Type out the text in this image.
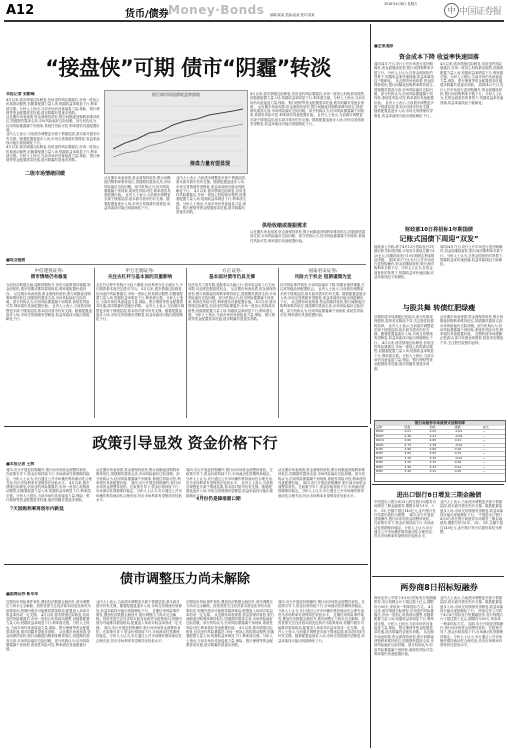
A12	货币/债券 Money·Bonds	2016年4月8日 星期五
编辑:某某 美编:某某 校对:某某	中 中国证券报
“接盘侠”可期 债市“阴霾”转淡
本报记者 张勤峰
4月以来,债市情绪边际修复,信用违约风险暴露后,市场一度担心机构被动抛售,但随着配置力量入场,短端收益率明显下行,利率债走强。分析人士指出,当前市场仍具备接盘力量,保险、银行理财等资金配置需求旺盛,债市阴霾有望逐步消散。
从近期市场表现看,资金面保持宽松,银行间隔夜回购利率维持低位,国债期货震荡走高,市场风险偏好边际回暖。部分机构认为,信用风险暴露属个别现象,系统性风险可控,利率债仍具备配置价值。
业内人士表示,当前债市调整更多源于情绪层面,基本面对债市仍有支撑。随着配置盘逐步入场,市场交易情绪有望修复,收益率曲线可能出现陡峭化下行。
4月以来,债市情绪边际修复,信用违约风险暴露后,市场一度担心机构被动抛售,但随着配置力量入场,短端收益率明显下行,利率债走强。分析人士指出,当前市场仍具备接盘力量,保险、银行理财等资金配置需求旺盛,债市阴霾有望逐步消散。
二级市场情绪回暖
银行间市场国债收益率曲线
从近期市场表现看,资金面保持宽松,银行间隔夜回购利率维持低位,国债期货震荡走高,市场风险偏好边际回暖。部分机构认为,信用风险暴露属个别现象,系统性风险可控,利率债仍具备配置价值。 业内人士表示,当前债市调整更多源于情绪层面,基本面对债市仍有支撑。随着配置盘逐步入场,市场交易情绪有望修复,收益率曲线可能出现陡峭化下行。
业内人士表示,当前债市调整更多源于情绪层面,基本面对债市仍有支撑。随着配置盘逐步入场,市场交易情绪有望修复,收益率曲线可能出现陡峭化下行。 4月以来,债市情绪边际修复,信用违约风险暴露后,市场一度担心机构被动抛售,但随着配置力量入场,短端收益率明显下行,利率债走强。分析人士指出,当前市场仍具备接盘力量,保险、银行理财等资金配置需求旺盛,债市阴霾有望逐步消散。
4月以来,债市情绪边际修复,信用违约风险暴露后,市场一度担心机构被动抛售,但随着配置力量入场,短端收益率明显下行,利率债走强。分析人士指出,当前市场仍具备接盘力量,保险、银行理财等资金配置需求旺盛,债市阴霾有望逐步消散。 从近期市场表现看,资金面保持宽松,银行间隔夜回购利率维持低位,国债期货震荡走高,市场风险偏好边际回暖。部分机构认为,信用风险暴露属个别现象,系统性风险可控,利率债仍具备配置价值。 业内人士表示,当前债市调整更多源于情绪层面,基本面对债市仍有支撑。随着配置盘逐步入场,市场交易情绪有望修复,收益率曲线可能出现陡峭化下行。
接盘力量有望显现
供给收缩或提振需求
从近期市场表现看,资金面保持宽松,银行间隔夜回购利率维持低位,国债期货震荡走高,市场风险偏好边际回暖。部分机构认为,信用风险暴露属个别现象,系统性风险可控,利率债仍具备配置价值。
■观点链接
中信建投证券:
债市情绪仍有修复
当前经济数据企稳,通胀预期抬升,但货币政策保持稳健,资金面宽松,债市短期或维持震荡格局,利率债配置价值仍存。 从近期市场表现看,资金面保持宽松,银行间隔夜回购利率维持低位,国债期货震荡走高,市场风险偏好边际回暖。部分机构认为,信用风险暴露属个别现象,系统性风险可控,利率债仍具备配置价值。 业内人士表示,当前债市调整更多源于情绪层面,基本面对债市仍有支撑。随着配置盘逐步入场,市场交易情绪有望修复,收益率曲线可能出现陡峭化下行。
申万宏源证券:
关注去杠杆与基本面的双重影响
去杠杆过程中机构行为趋于谨慎,信用利差存在走阔压力,中长期看基本面决定债市方向。 4月以来,债市情绪边际修复,信用违约风险暴露后,市场一度担心机构被动抛售,但随着配置力量入场,短端收益率明显下行,利率债走强。分析人士指出,当前市场仍具备接盘力量,保险、银行理财等资金配置需求旺盛,债市阴霾有望逐步消散。 业内人士表示,当前债市调整更多源于情绪层面,基本面对债市仍有支撑。随着配置盘逐步入场,市场交易情绪有望修复,收益率曲线可能出现陡峭化下行。
方正证券:
基本面对债市仍具支撑
经济复苏力度有限,通胀难以大幅上行,债市收益率上行空间有限,可适度把握波段机会。 从近期市场表现看,资金面保持宽松,银行间隔夜回购利率维持低位,国债期货震荡走高,市场风险偏好边际回暖。部分机构认为,信用风险暴露属个别现象,系统性风险可控,利率债仍具备配置价值。 4月以来,债市情绪边际修复,信用违约风险暴露后,市场一度担心机构被动抛售,但随着配置力量入场,短端收益率明显下行,利率债走强。分析人士指出,当前市场仍具备接盘力量,保险、银行理财等资金配置需求旺盛,债市阴霾有望逐步消散。
国泰君安证券:
风险大于机会 短期谨慎为宜
信用风险事件频发,市场风险偏好下降,短期宜保持谨慎,关注高等级品种配置机会。 业内人士表示,当前债市调整更多源于情绪层面,基本面对债市仍有支撑。随着配置盘逐步入场,市场交易情绪有望修复,收益率曲线可能出现陡峭化下行。 从近期市场表现看,资金面保持宽松,银行间隔夜回购利率维持低位,国债期货震荡走高,市场风险偏好边际回暖。部分机构认为,信用风险暴露属个别现象,系统性风险可控,利率债仍具备配置价值。
■全景追踪
资金成本下降 收益率快速回落
周四(4月7日),央行公开市场进行逆回购操作,资金面继续宽松,银行间回购利率多数下行。分析人士认为,在资金面宽松的背景下,短端收益率快速回落,收益率曲线趋于陡峭化。 从近期市场表现看,资金面保持宽松,银行间隔夜回购利率维持低位,国债期货震荡走高,市场风险偏好边际回暖。部分机构认为,信用风险暴露属个别现象,系统性风险可控,利率债仍具备配置价值。 业内人士表示,当前债市调整更多源于情绪层面,基本面对债市仍有支撑。随着配置盘逐步入场,市场交易情绪有望修复,收益率曲线可能出现陡峭化下行。
4月以来,债市情绪边际修复,信用违约风险暴露后,市场一度担心机构被动抛售,但随着配置力量入场,短端收益率明显下行,利率债走强。分析人士指出,当前市场仍具备接盘力量,保险、银行理财等资金配置需求旺盛,债市阴霾有望逐步消散。 周四(4月7日),央行公开市场进行逆回购操作,资金面继续宽松,银行间回购利率多数下行。分析人士认为,在资金面宽松的背景下,短端收益率快速回落,收益率曲线趋于陡峭化。
财政部10日将招标1年期国债
记账式国债下周迎“双发”
财政部公告称,将于4月13日招标发行1年期记账式贴现国债,计划发行面值总额为120亿元,同期将续发行10年期固定利率附息国债。 周四(4月7日),央行公开市场进行逆回购操作,资金面继续宽松,银行间回购利率多数下行。分析人士认为,在资金面宽松的背景下,短端收益率快速回落,收益率曲线趋于陡峭化。
周四(4月7日),央行公开市场进行逆回购操作,资金面继续宽松,银行间回购利率多数下行。分析人士认为,在资金面宽松的背景下,短端收益率快速回落,收益率曲线趋于陡峭化。
与股共舞 转债红肥绿瘦
近期转债市场跟随正股波动,部分转债表现强势,投资者宜精选个券,关注股性较强的品种。 业内人士表示,当前债市调整更多源于情绪层面,基本面对债市仍有支撑。随着配置盘逐步入场,市场交易情绪有望修复,收益率曲线可能出现陡峭化下行。 4月以来,债市情绪边际修复,信用违约风险暴露后,市场一度担心机构被动抛售,但随着配置力量入场,短端收益率明显下行,利率债走强。分析人士指出,当前市场仍具备接盘力量,保险、银行理财等资金配置需求旺盛,债市阴霾有望逐步消散。
从近期市场表现看,资金面保持宽松,银行间隔夜回购利率维持低位,国债期货震荡走高,市场风险偏好边际回暖。部分机构认为,信用风险暴露属个别现象,系统性风险可控,利率债仍具备配置价值。 近期转债市场跟随正股波动,部分转债表现强势,投资者宜精选个券,关注股性较强的品种。
银行间债券市场质押式回购利率
品种	收盘	加权	涨跌	成交
R001	2.01	2.02	-0.01	—
R007	2.36	2.41	-0.04	—
R014	2.60	2.65	0.01	—
R021	2.73	2.78	-0.02	—
R1M	2.90	2.95	0.00	—
R2M	3.00	3.05	0.02	—
R3M	3.10	3.15	-0.01	—
R4M	3.20	3.22	0.00	—
R6M	3.30	3.32	0.01	—
R9M	3.40	3.41	0.00	—
政策引导显效 资金价格下行
■本报记者 王辉
周四,央行开展逆回购操作,银行间市场资金面整体宽松。在政策引导下,资金价格持续下行,市场流动性预期保持稳定。分析人士认为,央行通过公开市场操作维持流动性合理充裕,货币市场利率有望保持在较低水平。 4月以来,债市情绪边际修复,信用违约风险暴露后,市场一度担心机构被动抛售,但随着配置力量入场,短端收益率明显下行,利率债走强。分析人士指出,当前市场仍具备接盘力量,保险、银行理财等资金配置需求旺盛,债市阴霾有望逐步消散。
7天回购利率再创年内新低
从近期市场表现看,资金面保持宽松,银行间隔夜回购利率维持低位,国债期货震荡走高,市场风险偏好边际回暖。部分机构认为,信用风险暴露属个别现象,系统性风险可控,利率债仍具备配置价值。 周四,央行开展逆回购操作,银行间市场资金面整体宽松。在政策引导下,资金价格持续下行,市场流动性预期保持稳定。分析人士认为,央行通过公开市场操作维持流动性合理充裕,货币市场利率有望保持在较低水平。
周四,央行开展逆回购操作,银行间市场资金面整体宽松。在政策引导下,资金价格持续下行,市场流动性预期保持稳定。分析人士认为,央行通过公开市场操作维持流动性合理充裕,货币市场利率有望保持在较低水平。 业内人士表示,当前债市调整更多源于情绪层面,基本面对债市仍有支撑。随着配置盘逐步入场,市场交易情绪有望修复,收益率曲线可能出现陡峭化下行。
4月份仍是降准窗口期
从近期市场表现看,资金面保持宽松,银行间隔夜回购利率维持低位,国债期货震荡走高,市场风险偏好边际回暖。部分机构认为,信用风险暴露属个别现象,系统性风险可控,利率债仍具备配置价值。 周四,央行开展逆回购操作,银行间市场资金面整体宽松。在政策引导下,资金价格持续下行,市场流动性预期保持稳定。分析人士认为,央行通过公开市场操作维持流动性合理充裕,货币市场利率有望保持在较低水平。	进出口银行8日增发三期金融债
中国进出口银行4月8日将在银行间债券市场增发三期金融债券,期限分别为1年、3年、5年,总额不超过140亿元,业内预计发行结果仍将较为理想。 周四,央行开展逆回购操作,银行间市场资金面整体宽松。在政策引导下,资金价格持续下行,市场流动性预期保持稳定。分析人士认为,央行通过公开市场操作维持流动性合理充裕,货币市场利率有望保持在较低水平。
业内人士表示,当前债市调整更多源于情绪层面,基本面对债市仍有支撑。随着配置盘逐步入场,市场交易情绪有望修复,收益率曲线可能出现陡峭化下行。 中国进出口银行4月8日将在银行间债券市场增发三期金融债券,期限分别为1年、3年、5年,总额不超过140亿元,业内预计发行结果仍将较为理想。
债市调整压力尚未解除
■国海证券 靳毕华
近期信用风险事件频发,叠加经济数据企稳回升,债市调整压力尚未完全解除。投资者需关注经济基本面变化和货币政策取向,短期内债市可能维持震荡格局,配置盘入场或对收益率形成一定支撑。 4月以来,债市情绪边际修复,信用违约风险暴露后,市场一度担心机构被动抛售,但随着配置力量入场,短端收益率明显下行,利率债走强。分析人士指出,当前市场仍具备接盘力量,保险、银行理财等资金配置需求旺盛,债市阴霾有望逐步消散。 从近期市场表现看,资金面保持宽松,银行间隔夜回购利率维持低位,国债期货震荡走高,市场风险偏好边际回暖。部分机构认为,信用风险暴露属个别现象,系统性风险可控,利率债仍具备配置价值。
业内人士表示,当前债市调整更多源于情绪层面,基本面对债市仍有支撑。随着配置盘逐步入场,市场交易情绪有望修复,收益率曲线可能出现陡峭化下行。 近期信用风险事件频发,叠加经济数据企稳回升,债市调整压力尚未完全解除。投资者需关注经济基本面变化和货币政策取向,短期内债市可能维持震荡格局,配置盘入场或对收益率形成一定支撑。 周四,央行开展逆回购操作,银行间市场资金面整体宽松。在政策引导下,资金价格持续下行,市场流动性预期保持稳定。分析人士认为,央行通过公开市场操作维持流动性合理充裕,货币市场利率有望保持在较低水平。
近期信用风险事件频发,叠加经济数据企稳回升,债市调整压力尚未完全解除。投资者需关注经济基本面变化和货币政策取向,短期内债市可能维持震荡格局,配置盘入场或对收益率形成一定支撑。 从近期市场表现看,资金面保持宽松,银行间隔夜回购利率维持低位,国债期货震荡走高,市场风险偏好边际回暖。部分机构认为,信用风险暴露属个别现象,系统性风险可控,利率债仍具备配置价值。 4月以来,债市情绪边际修复,信用违约风险暴露后,市场一度担心机构被动抛售,但随着配置力量入场,短端收益率明显下行,利率债走强。分析人士指出,当前市场仍具备接盘力量,保险、银行理财等资金配置需求旺盛,债市阴霾有望逐步消散。
周四,央行开展逆回购操作,银行间市场资金面整体宽松。在政策引导下,资金价格持续下行,市场流动性预期保持稳定。分析人士认为,央行通过公开市场操作维持流动性合理充裕,货币市场利率有望保持在较低水平。 近期信用风险事件频发,叠加经济数据企稳回升,债市调整压力尚未完全解除。投资者需关注经济基本面变化和货币政策取向,短期内债市可能维持震荡格局,配置盘入场或对收益率形成一定支撑。 业内人士表示,当前债市调整更多源于情绪层面,基本面对债市仍有支撑。随着配置盘逐步入场,市场交易情绪有望修复,收益率曲线可能出现陡峭化下行。
两券商8日招标短融券
两家证券公司将于4月8日招标发行短期融资券,发行规模合计不超过数十亿元,期限均为90天,采取单一利率招标方式。 4月以来,债市情绪边际修复,信用违约风险暴露后,市场一度担心机构被动抛售,但随着配置力量入场,短端收益率明显下行,利率债走强。分析人士指出,当前市场仍具备接盘力量,保险、银行理财等资金配置需求旺盛,债市阴霾有望逐步消散。 从近期市场表现看,资金面保持宽松,银行间隔夜回购利率维持低位,国债期货震荡走高,市场风险偏好边际回暖。部分机构认为,信用风险暴露属个别现象,系统性风险可控,利率债仍具备配置价值。
业内人士表示,当前债市调整更多源于情绪层面,基本面对债市仍有支撑。随着配置盘逐步入场,市场交易情绪有望修复,收益率曲线可能出现陡峭化下行。 两家证券公司将于4月8日招标发行短期融资券,发行规模合计不超过数十亿元,期限均为90天,采取单一利率招标方式。 周四,央行开展逆回购操作,银行间市场资金面整体宽松。在政策引导下,资金价格持续下行,市场流动性预期保持稳定。分析人士认为,央行通过公开市场操作维持流动性合理充裕,货币市场利率有望保持在较低水平。
